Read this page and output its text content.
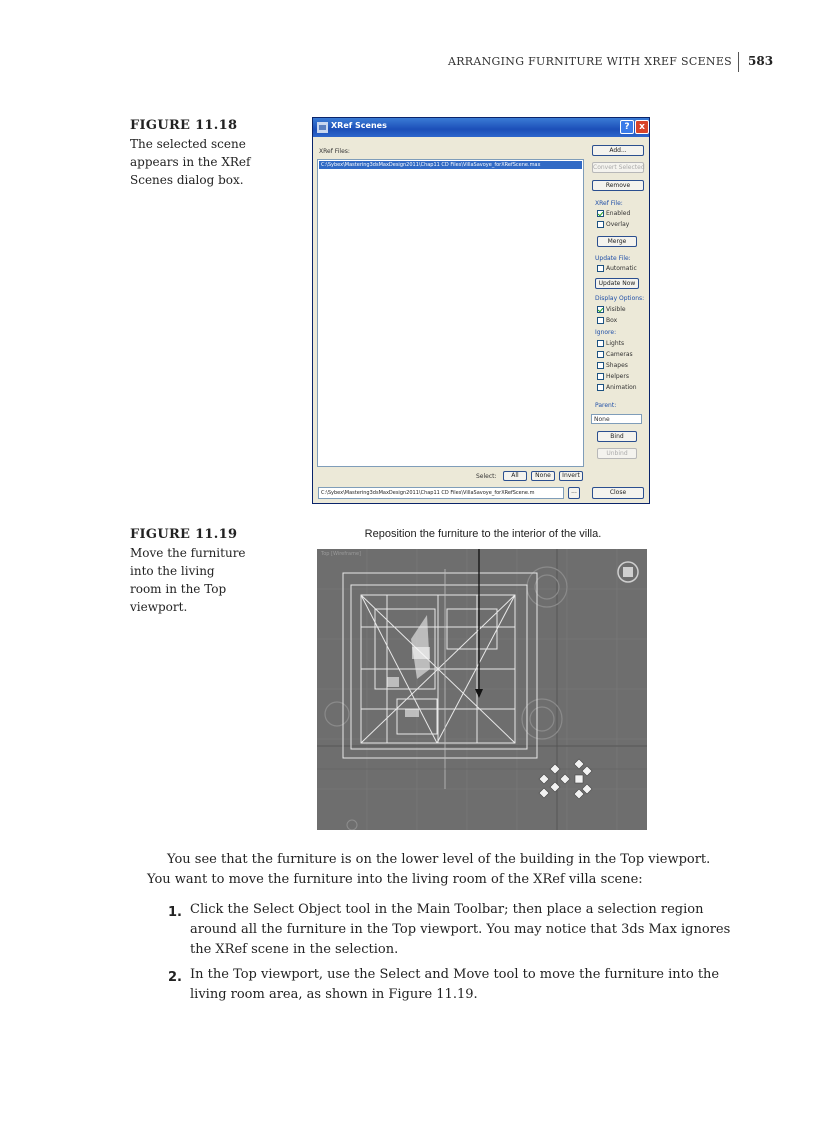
ARRANGING FURNITURE WITH XREF SCENES 583
FIGURE 11.18
The selected scene
appears in the XRef
Scenes dialog box.
XRef Scenes	?	x
XRef Files:
C:\Sybex\Mastering3dsMaxDesign2011\Chap11 CD Files\VillaSavoye_forXRefScene.max
Add...
Convert Selected
Remove
XRef File:
Enabled
Overlay
Merge
Update File:
Automatic
Update Now
Display Options:
Visible
Box
Ignore:
Lights
Cameras
Shapes
Helpers
Animation
Parent:
None
Bind
Unbind
Select:	All	None	Invert
C:\Sybex\Mastering3dsMaxDesign2011\Chap11 CD Files\VillaSavoye_forXRefScene.m	...	Close
FIGURE 11.19
Move the furniture
into the living
room in the Top
viewport.
Reposition the furniture to the interior of the villa.
Top [Wireframe]
You see that the furniture is on the lower level of the building in the Top viewport. You want to move the furniture into the living room of the XRef villa scene:
1. Click the Select Object tool in the Main Toolbar; then place a selection region around all the furniture in the Top viewport. You may notice that 3ds Max ignores the XRef scene in the selection.
2. In the Top viewport, use the Select and Move tool to move the furniture into the living room area, as shown in Figure 11.19.
